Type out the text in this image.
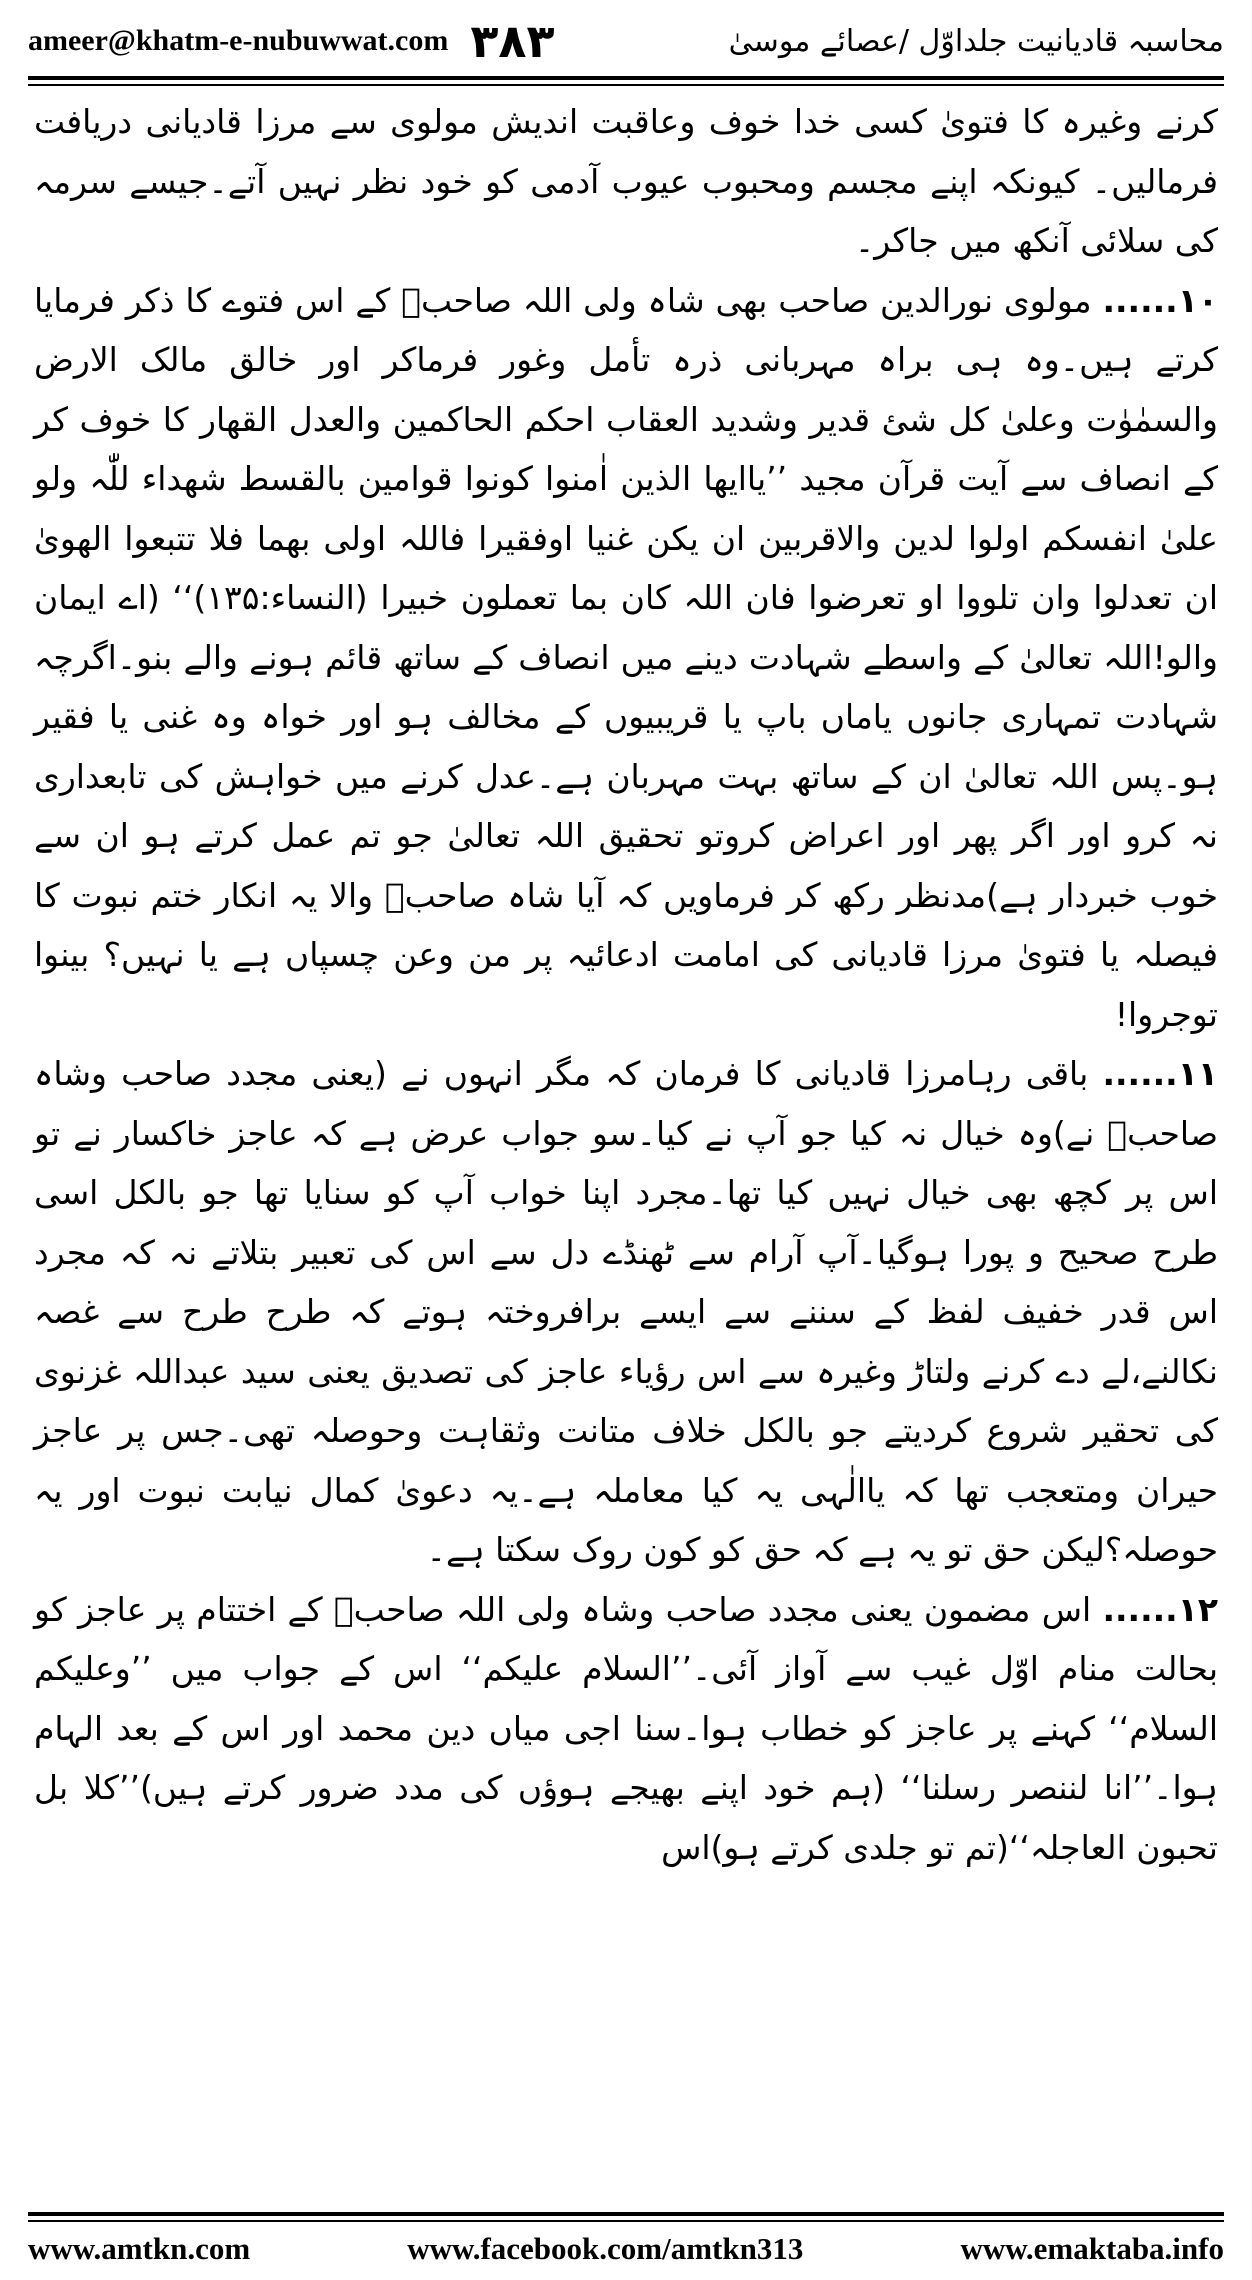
ameer@khatm-e-nubuwwat.com ۳۸۳	محاسبہ قادیانیت جلداوّل /عصائے موسیٰ

کرنے وغیرہ کا فتویٰ کسی خدا خوف وعاقبت اندیش مولوی سے مرزا قادیانی دریافت فرمالیں۔ کیونکہ اپنے مجسم ومحبوب عیوب آدمی کو خود نظر نہیں آتے۔جیسے سرمہ کی سلائی آنکھ میں جاکر۔

۱۰...... مولوی نورالدین صاحب بھی شاہ ولی اللہ صاحبؒ کے اس فتوے کا ذکر فرمایا کرتے ہیں۔وہ ہی براہ مہربانی ذرہ تأمل وغور فرماکر اور خالق مالک الارض والسمٰوٰت وعلیٰ کل شئ قدیر وشدید العقاب احکم الحاکمین والعدل القھار کا خوف کر کے انصاف سے آیت قرآن مجید ’’یاایھا الذین اٰمنوا کونوا قوامین بالقسط شھداء للّٰہ ولو علیٰ انفسکم اولوا لدین والاقربین ان یکن غنیا اوفقیرا فاللہ اولی بھما فلا تتبعوا الھویٰ ان تعدلوا وان تلووا او تعرضوا فان اللہ کان بما تعملون خبیرا (النساء:۱۳۵)‘‘ (اے ایمان والو!اللہ تعالیٰ کے واسطے شہادت دینے میں انصاف کے ساتھ قائم ہونے والے بنو۔اگرچہ شہادت تمہاری جانوں یاماں باپ یا قریبیوں کے مخالف ہو اور خواہ وہ غنی یا فقیر ہو۔پس اللہ تعالیٰ ان کے ساتھ بہت مہربان ہے۔عدل کرنے میں خواہش کی تابعداری نہ کرو اور اگر پھر اور اعراض کروتو تحقیق اللہ تعالیٰ جو تم عمل کرتے ہو ان سے خوب خبردار ہے)مدنظر رکھ کر فرماویں کہ آیا شاہ صاحبؒ والا یہ انکار ختم نبوت کا فیصلہ یا فتویٰ مرزا قادیانی کی امامت ادعائیہ پر من وعن چسپاں ہے یا نہیں؟ بینوا توجروا!

۱۱...... باقی رہامرزا قادیانی کا فرمان کہ مگر انہوں نے (یعنی مجدد صاحب وشاہ صاحبؒ نے)وہ خیال نہ کیا جو آپ نے کیا۔سو جواب عرض ہے کہ عاجز خاکسار نے تو اس پر کچھ بھی خیال نہیں کیا تھا۔مجرد اپنا خواب آپ کو سنایا تھا جو بالکل اسی طرح صحیح و پورا ہوگیا۔آپ آرام سے ٹھنڈے دل سے اس کی تعبیر بتلاتے نہ کہ مجرد اس قدر خفیف لفظ کے سننے سے ایسے برافروختہ ہوتے کہ طرح طرح سے غصہ نکالنے،لے دے کرنے ولتاڑ وغیرہ سے اس رؤیاء عاجز کی تصدیق یعنی سید عبداللہ غزنوی کی تحقیر شروع کردیتے جو بالکل خلاف متانت وثقاہت وحوصلہ تھی۔جس پر عاجز حیران ومتعجب تھا کہ یاالٰہی یہ کیا معاملہ ہے۔یہ دعویٰ کمال نیابت نبوت اور یہ حوصلہ؟لیکن حق تو یہ ہے کہ حق کو کون روک سکتا ہے۔

۱۲...... اس مضمون یعنی مجدد صاحب وشاہ ولی اللہ صاحبؒ کے اختتام پر عاجز کو بحالت منام اوّل غیب سے آواز آئی۔’’السلام علیکم‘‘ اس کے جواب میں ’’وعلیکم السلام‘‘ کہنے پر عاجز کو خطاب ہوا۔سنا اجی میاں دین محمد اور اس کے بعد الہام ہوا۔’’انا لننصر رسلنا‘‘ (ہم خود اپنے بھیجے ہوؤں کی مدد ضرور کرتے ہیں)’’کلا بل تحبون العاجلہ‘‘(تم تو جلدی کرتے ہو)اس

www.amtkn.com	www.facebook.com/amtkn313	www.emaktaba.info
